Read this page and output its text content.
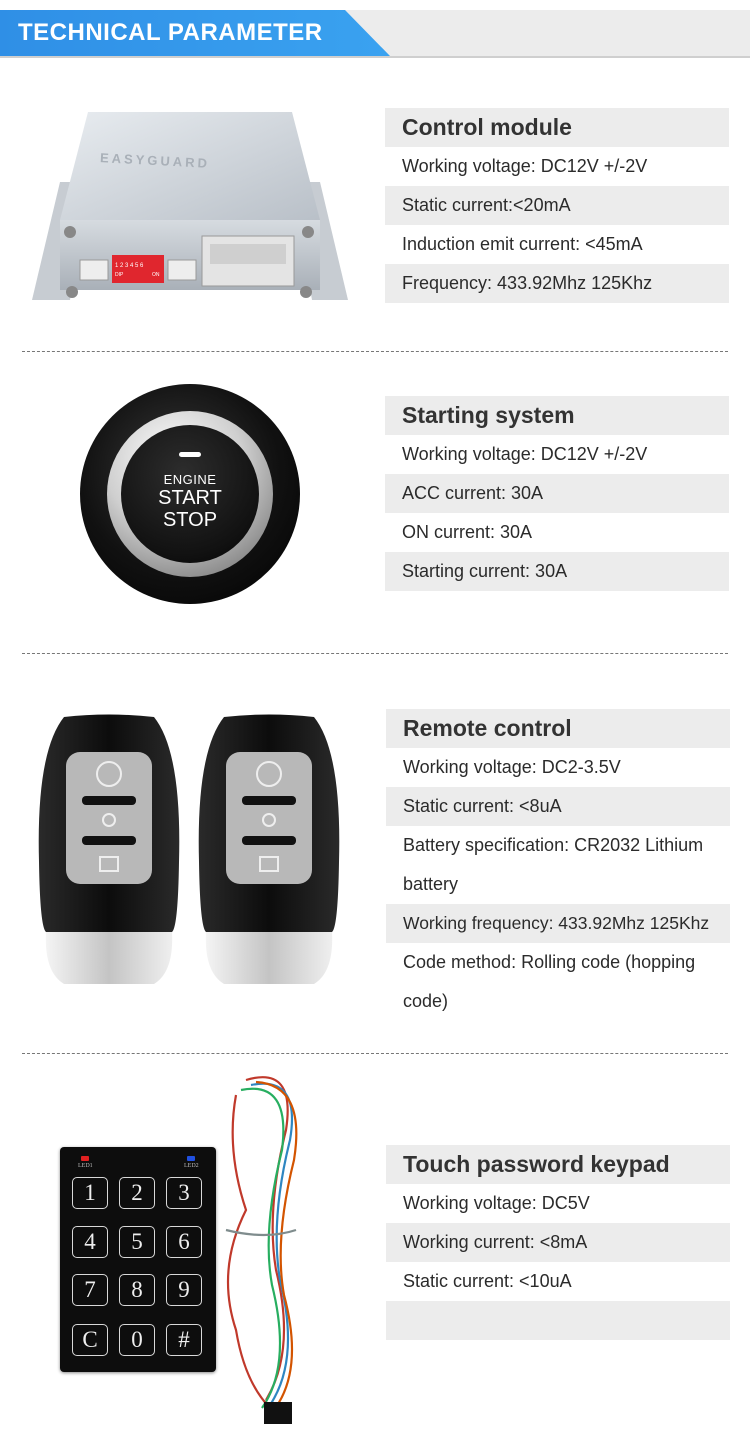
TECHNICAL PARAMETER
EASYGUARD
1 2 3 4 5 6
DIP	ON
Control module
Working voltage: DC12V +/-2V
Static current:<20mA
Induction emit current: <45mA
Frequency: 433.92Mhz 125Khz
ENGINE
START
STOP
Starting system
Working voltage: DC12V +/-2V
ACC current: 30A
ON current: 30A
Starting current: 30A
Remote control
Working voltage: DC2-3.5V
Static current: <8uA
Battery specification: CR2032 Lithium battery
Working frequency: 433.92Mhz 125Khz
Code method: Rolling code (hopping code)
LED1	LED2
1	2	3
4	5	6
7	8	9
C	0	#
Touch password keypad
Working voltage: DC5V
Working current: <8mA
Static current: <10uA
